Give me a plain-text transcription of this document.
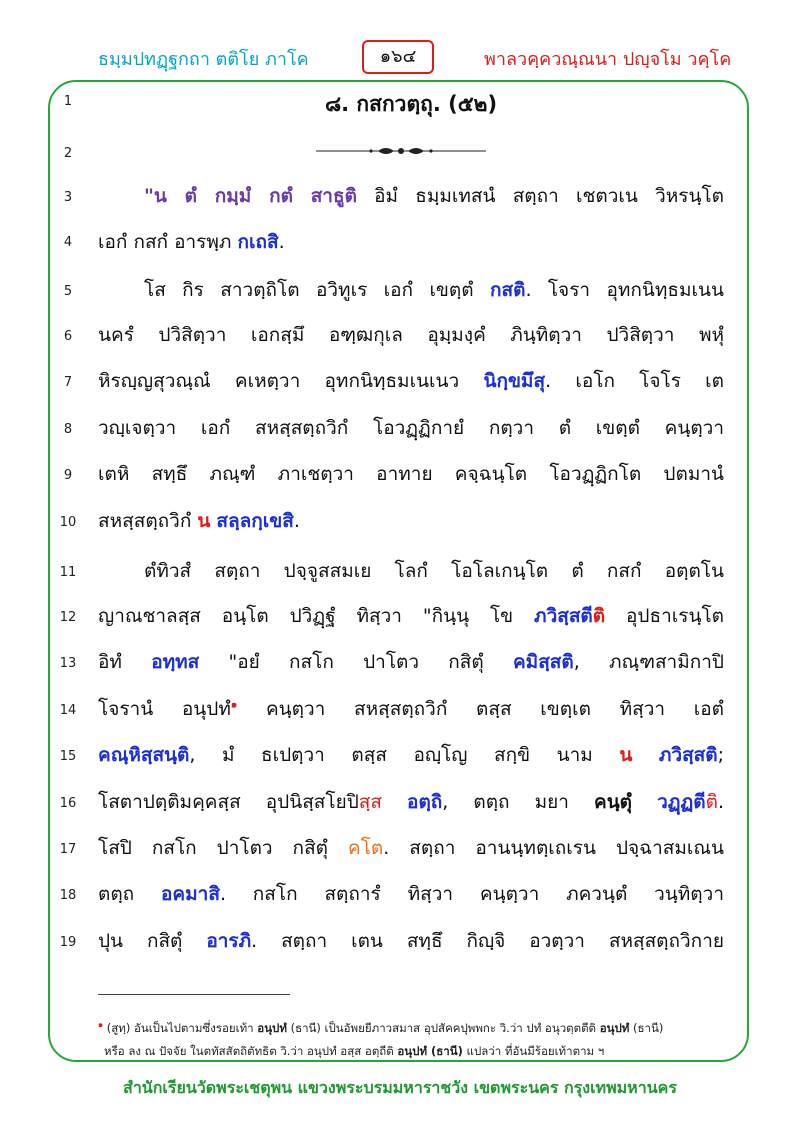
ธมฺมปทฏฺฐกถา ตติโย ภาโค	๑๖๔	พาลวคฺควณฺณนา ปญฺจโม วคฺโค
1
2
3
4
5
6
7
8
9
10
11
12
13
14
15
16
17
18
19
๘. กสกวตฺถุ. (๕๒)
"น ตํ กมฺมํ กตํ สาธูติ อิมํ ธมฺมเทสนํ สตฺถา เชตวเน วิหรนฺโต
เอกํ กสกํ อารพฺภ กเถสิ.
โส กิร สาวตฺถิโต อวิทูเร เอกํ เขตฺตํ กสติ. โจรา อุทกนิทฺธมเนน
นครํ ปวิสิตฺวา เอกสฺมึ อฑฺฒกุเล อุมฺมงฺคํ ภินฺทิตฺวา ปวิสิตฺวา พหุํ
หิรญฺญสุวณฺณํ คเหตฺวา อุทกนิทฺธมเนเนว นิกฺขมึสุ. เอโก โจโร เต
วญฺเจตฺวา เอกํ สหสฺสตฺถวิกํ โอวฏฺฏิกายํ กตฺวา ตํ เขตฺตํ คนฺตฺวา
เตหิ สทฺธึ ภณฺฑํ ภาเชตฺวา อาทาย คจฺฉนฺโต โอวฏฺฏิกโต ปตมานํ
สหสฺสตฺถวิกํ น สลฺลกฺเขสิ.
ตํทิวสํ สตฺถา ปจฺจูสสมเย โลกํ โอโลเกนฺโต ตํ กสกํ อตฺตโน
ญาณชาลสฺส อนฺโต ปวิฏฺฐํ ทิสฺวา "กินฺนุ โข ภวิสฺสตีติ อุปธาเรนฺโต
อิทํ อทฺทส "อยํ กสโก ปาโตว กสิตุํ คมิสฺสติ, ภณฺฑสามิกาปิ
โจรานํ อนุปทํ$^๑$ คนฺตฺวา สหสฺสตฺถวิกํ ตสฺส เขตฺเต ทิสฺวา เอตํ
คณฺหิสฺสนฺติ, มํ ธเปตฺวา ตสฺส อญฺโญ สกฺขิ นาม น ภวิสฺสติ;
โสตาปตฺติมคฺคสฺส อุปนิสฺสโยปิสฺส อตฺถิ, ตตฺถ มยา คนฺตุํ วฏฺฏตีติ.
โสปิ กสโก ปาโตว กสิตุํ คโต. สตฺถา อานนฺทตฺเถเรน ปจฺฉาสมเณน
ตตฺถ อคมาสิ. กสโก สตฺถารํ ทิสฺวา คนฺตฺวา ภควนฺตํ วนฺทิตฺวา
ปุน กสิตุํ อารภิ. สตฺถา เตน สทฺธึ กิญฺจิ อวตฺวา สหสฺสตฺถวิกาย
$^๑$ (สูทฺ) อันเป็นไปตามซึ่งรอยเท้า อนุปทํ (ธานี) เป็นอัพยยีภาวสมาส อุปสัคคปุพพกะ วิ.ว่า ปทํ อนุวตฺตตีติ อนุปทํ (ธานี)
หรือ ลง ณ ปัจจัย ในตทัสสัตถิตัทธิต วิ.ว่า อนุปทํ อสฺส อตฺถีติ อนุปทํ (ธานี) แปลว่า ที่อันมีร้อยเท้าตาม ฯ
สำนักเรียนวัดพระเชตุพน แขวงพระบรมมหาราชวัง เขตพระนคร กรุงเทพมหานคร
